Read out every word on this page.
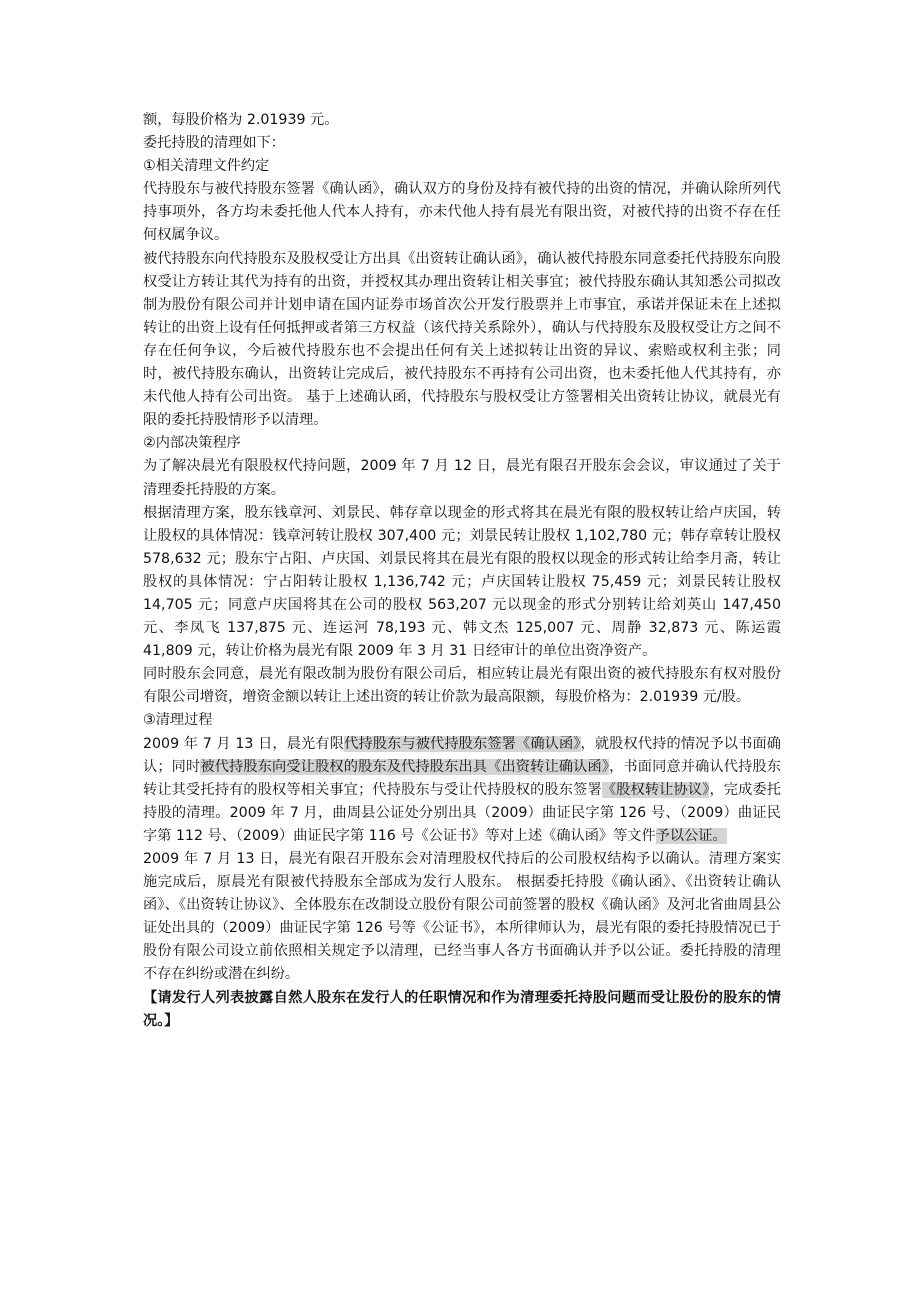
额，每股价格为 2.01939 元。

委托持股的清理如下：

①相关清理文件约定

代持股东与被代持股东签署《确认函》，确认双方的身份及持有被代持的出资的情况，并确认除所列代持事项外，各方均未委托他人代本人持有，亦未代他人持有晨光有限出资，对被代持的出资不存在任何权属争议。

被代持股东向代持股东及股权受让方出具《出资转让确认函》，确认被代持股东同意委托代持股东向股权受让方转让其代为持有的出资，并授权其办理出资转让相关事宜；被代持股东确认其知悉公司拟改制为股份有限公司并计划申请在国内证券市场首次公开发行股票并上市事宜，承诺并保证未在上述拟转让的出资上设有任何抵押或者第三方权益（该代持关系除外），确认与代持股东及股权受让方之间不存在任何争议，今后被代持股东也不会提出任何有关上述拟转让出资的异议、索赔或权利主张；同时，被代持股东确认，出资转让完成后，被代持股东不再持有公司出资，也未委托他人代其持有，亦未代他人持有公司出资。 基于上述确认函，代持股东与股权受让方签署相关出资转让协议，就晨光有限的委托持股情形予以清理。

②内部决策程序

为了解决晨光有限股权代持问题，2009 年 7 月 12 日，晨光有限召开股东会会议，审议通过了关于清理委托持股的方案。

根据清理方案，股东钱章河、刘景民、韩存章以现金的形式将其在晨光有限的股权转让给卢庆国，转让股权的具体情况：钱章河转让股权 307,400 元；刘景民转让股权 1,102,780 元；韩存章转让股权 578,632 元；股东宁占阳、卢庆国、刘景民将其在晨光有限的股权以现金的形式转让给李月斋，转让股权的具体情况：宁占阳转让股权 1,136,742 元；卢庆国转让股权 75,459 元；刘景民转让股权 14,705 元；同意卢庆国将其在公司的股权 563,207 元以现金的形式分别转让给刘英山 147,450 元、李凤飞 137,875 元、连运河 78,193 元、韩文杰 125,007 元、周静 32,873 元、陈运霞 41,809 元，转让价格为晨光有限 2009 年 3 月 31 日经审计的单位出资净资产。

同时股东会同意，晨光有限改制为股份有限公司后，相应转让晨光有限出资的被代持股东有权对股份有限公司增资，增资金额以转让上述出资的转让价款为最高限额，每股价格为：2.01939 元/股。

③清理过程

2009 年 7 月 13 日，晨光有限代持股东与被代持股东签署《确认函》，就股权代持的情况予以书面确认；同时被代持股东向受让股权的股东及代持股东出具《出资转让确认函》，书面同意并确认代持股东转让其受托持有的股权等相关事宜；代持股东与受让代持股权的股东签署《股权转让协议》，完成委托持股的清理。2009 年 7 月，曲周县公证处分别出具（2009）曲证民字第 126 号、（2009）曲证民字第 112 号、（2009）曲证民字第 116 号《公证书》等对上述《确认函》等文件予以公证。

2009 年 7 月 13 日，晨光有限召开股东会对清理股权代持后的公司股权结构予以确认。清理方案实施完成后，原晨光有限被代持股东全部成为发行人股东。 根据委托持股《确认函》、《出资转让确认函》、《出资转让协议》、全体股东在改制设立股份有限公司前签署的股权《确认函》及河北省曲周县公证处出具的（2009）曲证民字第 126 号等《公证书》，本所律师认为，晨光有限的委托持股情况已于股份有限公司设立前依照相关规定予以清理，已经当事人各方书面确认并予以公证。委托持股的清理不存在纠纷或潜在纠纷。

【请发行人列表披露自然人股东在发行人的任职情况和作为清理委托持股问题而受让股份的股东的情况。】
